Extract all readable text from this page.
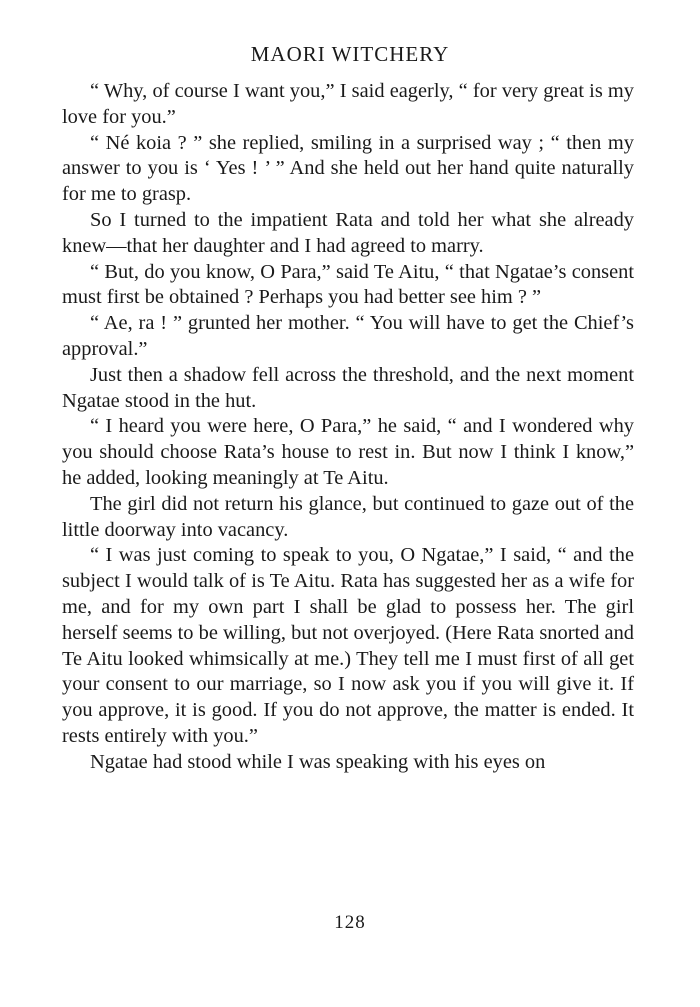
MAORI WITCHERY

“ Why, of course I want you,” I said eagerly, “ for very great is my love for you.”

“ Né koia ? ” she replied, smiling in a surprised way ; “ then my answer to you is ‘ Yes ! ’ ” And she held out her hand quite naturally for me to grasp.

So I turned to the impatient Rata and told her what she already knew—that her daughter and I had agreed to marry.

“ But, do you know, O Para,” said Te Aitu, “ that Ngatae’s consent must first be obtained ? Perhaps you had better see him ? ”

“ Ae, ra ! ” grunted her mother. “ You will have to get the Chief’s approval.”

Just then a shadow fell across the threshold, and the next moment Ngatae stood in the hut.

“ I heard you were here, O Para,” he said, “ and I wondered why you should choose Rata’s house to rest in. But now I think I know,” he added, looking meaningly at Te Aitu.

The girl did not return his glance, but continued to gaze out of the little doorway into vacancy.

“ I was just coming to speak to you, O Ngatae,” I said, “ and the subject I would talk of is Te Aitu. Rata has suggested her as a wife for me, and for my own part I shall be glad to possess her. The girl herself seems to be willing, but not overjoyed. (Here Rata snorted and Te Aitu looked whimsically at me.) They tell me I must first of all get your consent to our marriage, so I now ask you if you will give it. If you approve, it is good. If you do not approve, the matter is ended. It rests entirely with you.”

Ngatae had stood while I was speaking with his eyes on

128
